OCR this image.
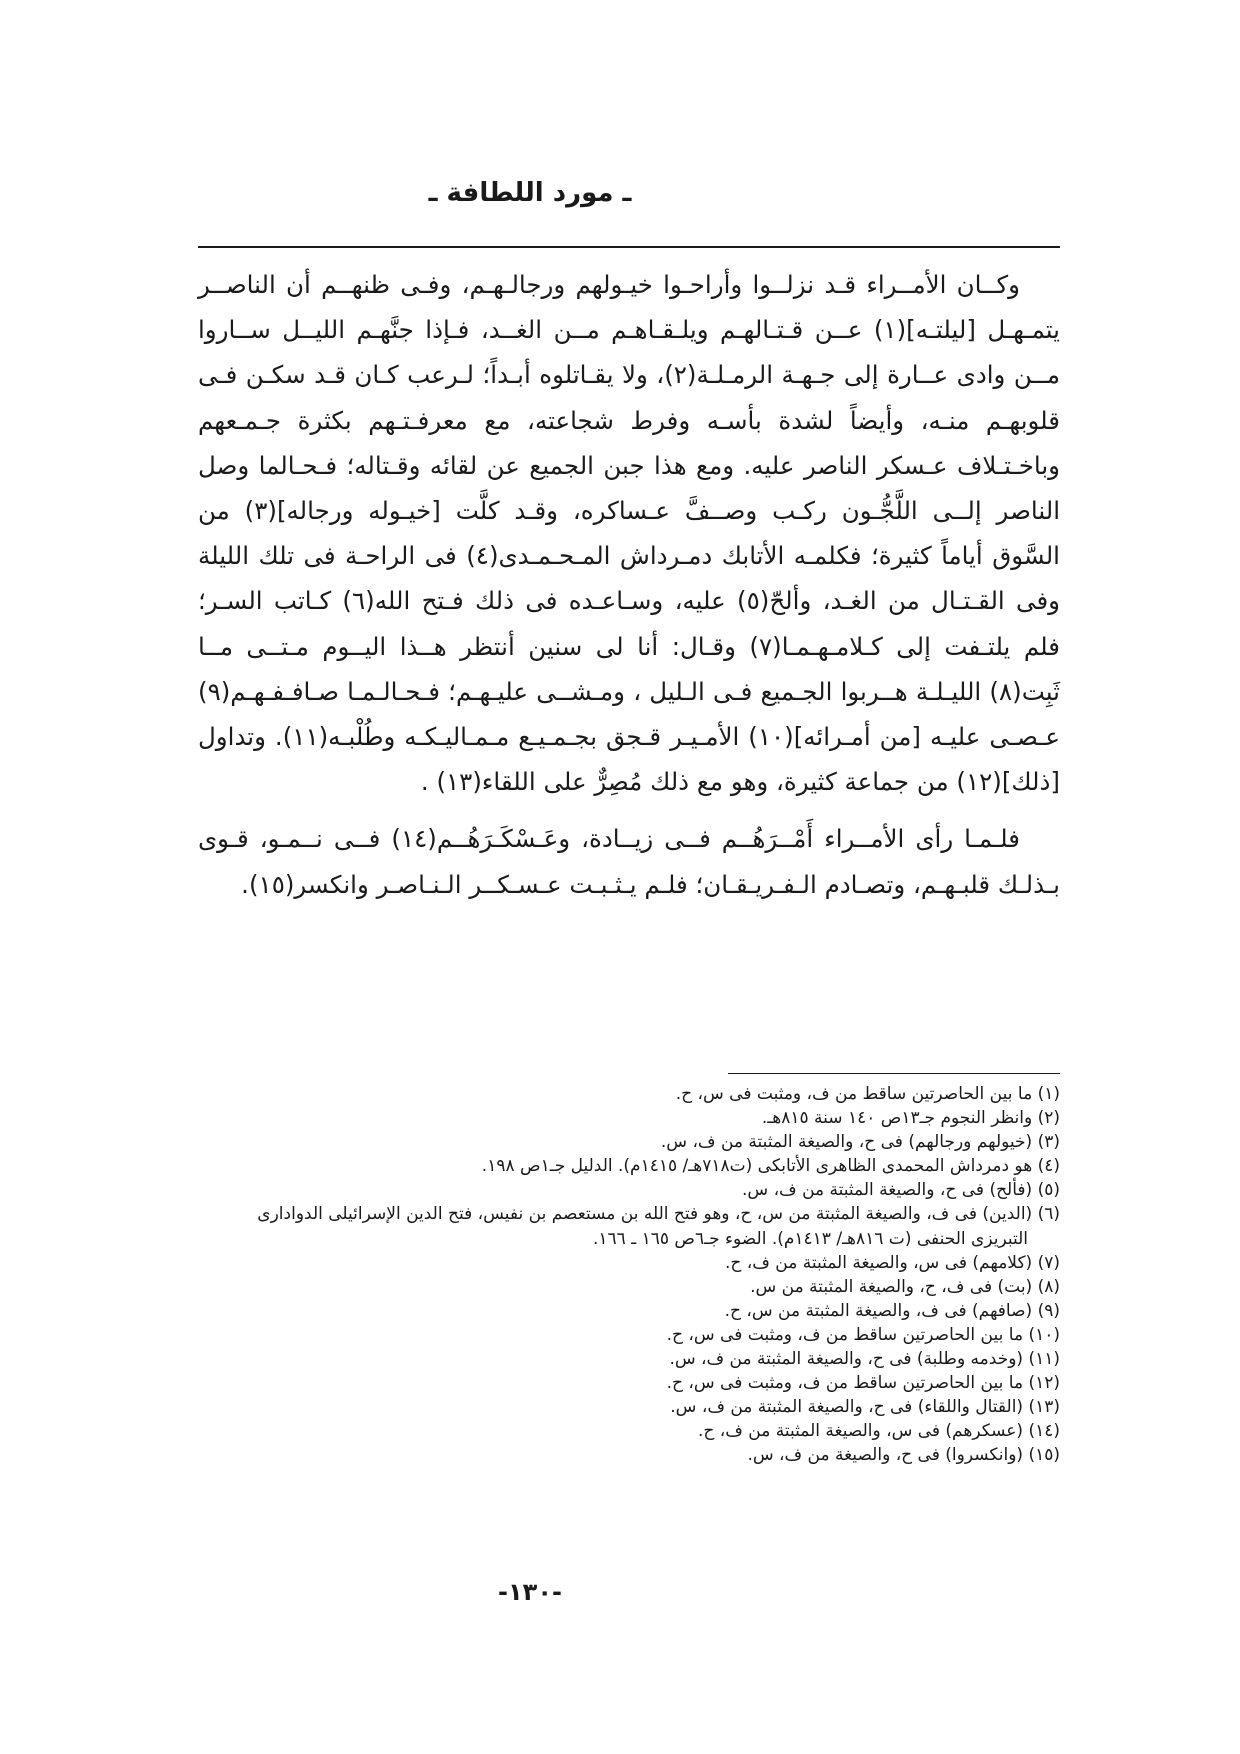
ـ مورد اللطافة ـ

وكــان الأمــراء قـد نزلــوا وأراحـوا خيـولهم ورجالـهـم، وفـى ظنهــم أن الناصــر يتمـهـل [ليلتـه](١) عــن قـتـالهـم ويلـقـاهـم مــن الغــد، فـإذا جنَّهـم الليــل ســاروا مــن وادى عــارة إلى جـهـة الرمـلـة(٢)، ولا يقـاتلوه أبـداً؛ لـرعب كـان قـد سكـن فـى قلوبهـم منـه، وأيضاً لشدة بأسـه وفرط شجاعته، مع معرفـتـهم بكثرة جـمـعهم وباخـتـلاف عـسكر الناصر عليه. ومع هذا جبن الجميع عن لقائه وقـتاله؛ فـحـالما وصل الناصر إلــى اللَّجُّـون ركـب وصــفَّ عـساكره، وقـد كلَّت [خيـوله ورجاله](٣) من السَّوق أياماً كثيرة؛ فكلمـه الأتابك دمـرداش المـحـمـدى(٤) فى الراحـة فى تلك الليلة وفى القـتـال من الغـد، وألحّ(٥) عليه، وسـاعـده فى ذلك فـتح الله(٦) كـاتب السـر؛ فلم يلتـفت إلى كـلامـهـمـا(٧) وقـال: أنا لى سنين أنتظر هــذا اليــوم مـتــى مــا ثَبِت(٨) الليـلـة هــربوا الجـميع فـى الـليل ، ومـشــى عليـهـم؛ فـحـالـمـا صـافـفـهـم(٩) عـصـى عليـه [من أمـرائه](١٠) الأمـيـر قـجق بجـمـيـع مـمـاليـكـه وطُلْبـه(١١). وتداول [ذلك](١٢) من جماعة كثيرة، وهو مع ذلك مُصِرٌّ على اللقاء(١٣) .

فلـمـا رأى الأمــراء أَمْــرَهُــم فــى زيــادة، وعَـسْكَـرَهُــم(١٤) فــى نــمـو، قـوى بـذلـك قلبـهـم، وتصـادم الـفـريـقـان؛ فلـم يـثـبـت عـسـكــر الـنـاصـر وانكسر(١٥).

(١) ما بين الحاصرتين ساقط من ف، ومثبت فى س، ح.
(٢) وانظر النجوم جـ١٣ص ١٤٠ سنة ٨١٥هـ.
(٣) (خيولهم ورجالهم) فى ح، والصيغة المثبتة من ف، س.
(٤) هو دمرداش المحمدى الظاهرى الأتابكى (ت٧١٨هـ/ ١٤١٥م). الدليل جـ١ص ١٩٨.
(٥) (فألح) فى ح، والصيغة المثبتة من ف، س.
(٦) (الدين) فى ف، والصيغة المثبتة من س، ح، وهو فتح الله بن مستعصم بن نفيس، فتح الدين الإسرائيلى الدوادارى التبريزى الحنفى (ت ٨١٦هـ/ ١٤١٣م). الضوء جـ٦ص ١٦٥ ـ ١٦٦.
(٧) (كلامهم) فى س، والصيغة المثبتة من ف، ح.
(٨) (بت) فى ف، ح، والصيغة المثبتة من س.
(٩) (صافهم) فى ف، والصيغة المثبتة من س، ح.
(١٠) ما بين الحاصرتين ساقط من ف، ومثبت فى س، ح.
(١١) (وخدمه وطلبة) فى ح، والصيغة المثبتة من ف، س.
(١٢) ما بين الحاصرتين ساقط من ف، ومثبت فى س، ح.
(١٣) (القتال واللقاء) فى ح، والصيغة المثبتة من ف، س.
(١٤) (عسكرهم) فى س، والصيغة المثبتة من ف، ح.
(١٥) (وانكسروا) فى ح، والصيغة من ف، س.
-١٣٠-
